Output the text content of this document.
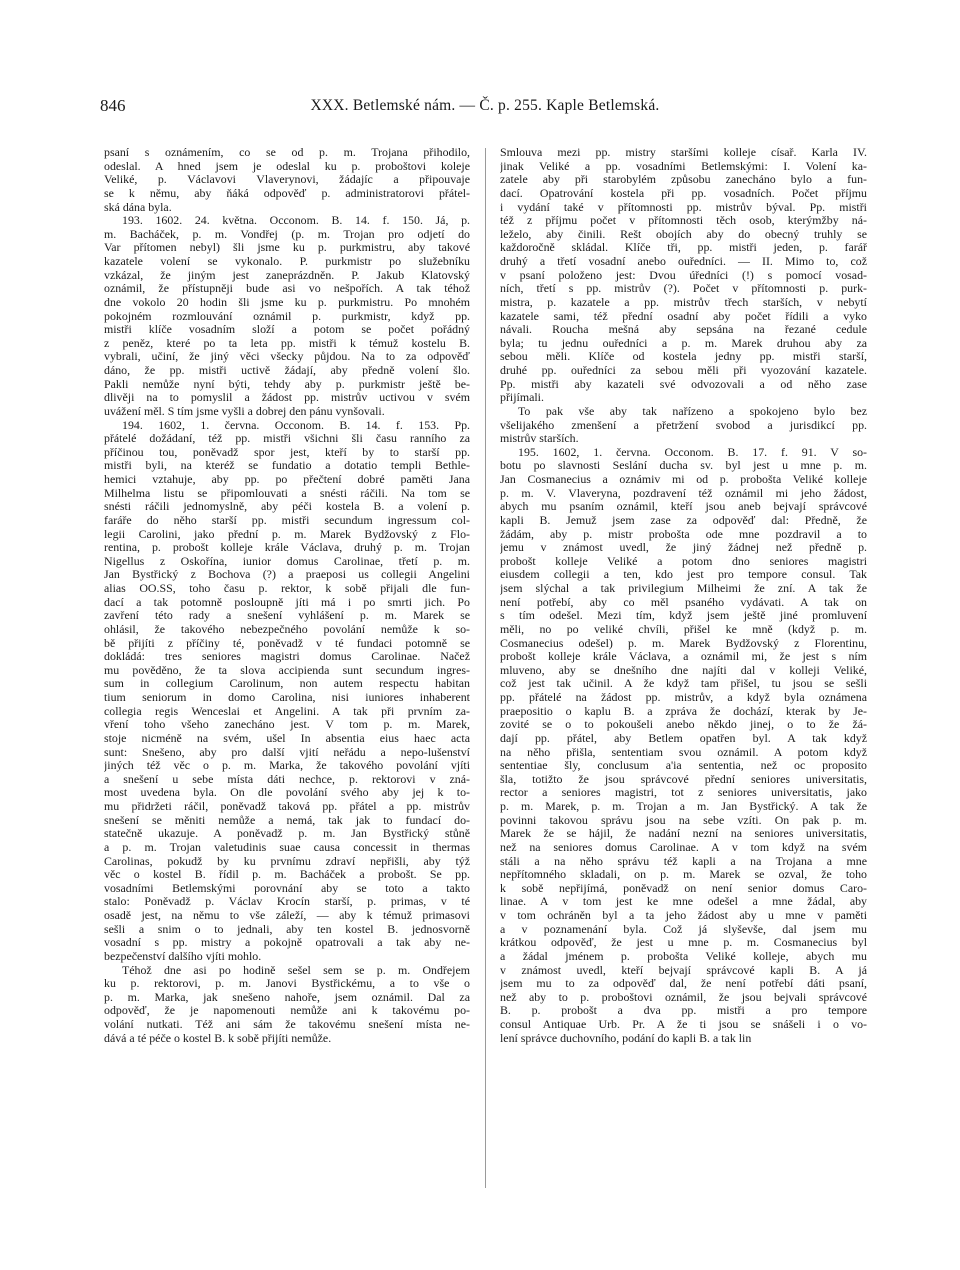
846	XXX. Betlemské nám. — Č. p. 255. Kaple Betlemská.

psaní s oznámením, co se od p. m. Trojana přihodilo,

odeslal. A hned jsem je odeslal ku p. proboštovi koleje

Veliké, p. Václavovi Vlaverynovi, žádajíc a připouvaje

se k němu, aby ňáká odpověď p. administratorovi přátel-

ská dána byla.

193. 1602. 24. května. Occonom. B. 14. f. 150. Já, p.

m. Bacháček, p. m. Vondřej (p. m. Trojan pro odjetí do

Var přítomen nebyl) šli jsme ku p. purkmistru, aby takové

kazatele volení se vykonalo. P. purkmistr po služebníku

vzkázal, že jiným jest zaneprázdněn. P. Jakub Klatovský

oznámil, že přístupněji bude asi vo nešpořích. A tak téhož

dne vokolo 20 hodin šli jsme ku p. purkmistru. Po mnohém

pokojném rozmlouvání oznámil p. purkmistr, když pp.

mistři klíče vosadním složí a potom se počet pořádný

z peněz, které po ta leta pp. mistři k témuž kostelu B.

vybrali, učiní, že jiný věci všecky půjdou. Na to za odpověď

dáno, že pp. mistři uctivě žádají, aby předně volení šlo.

Pakli nemůže nyní býti, tehdy aby p. purkmistr ještě be-

dlivěji na to pomyslil a žádost pp. mistrův uctivou v svém

uvážení měl. S tím jsme vyšli a dobrej den pánu vynšovali.

194. 1602, 1. června. Occonom. B. 14. f. 153. Pp.

přátelé dožádaní, též pp. mistři všichni šli času ranního za

příčinou tou, poněvadž spor jest, kteří by to starší pp.

mistři byli, na kteréž se fundatio a dotatio templi Bethle-

hemici vztahuje, aby pp. po přečtení dobré paměti Jana

Milhelma listu se připomlouvati a snésti ráčili. Na tom se

snésti ráčili jednomyslně, aby péči kostela B. a volení p.

faráře do něho starší pp. mistři secundum ingressum col-

legii Carolini, jako přední p. m. Marek Bydžovský z Flo-

rentina, p. probošt kolleje krále Václava, druhý p. m. Trojan

Nigellus z Oskořína, iunior domus Carolinae, třetí p. m.

Jan Bystřický z Bochova (?) a praeposi us collegii Angelini

alias OO.SS, toho času p. rektor, k sobě přijali dle fun-

dací a tak potomně posloupně jíti má i po smrti jich. Po

zavření této rady a snešení vyhlášení p. m. Marek se

ohlásil, že takového nebezpečného povolání nemůže k so-

bě přijíti z příčiny té, poněvadž v té fundaci potomně se

dokládá: tres seniores magistri domus Carolinae. Načež

mu pověděno, že ta slova accipienda sunt secundum ingres-

sum in collegium Carolinum, non autem respectu habitan

tium seniorum in domo Carolina, nisi iuniores inhaberent

collegia regis Wenceslai et Angelini. A tak při prvním za-

vření toho všeho zanecháno jest. V tom p. m. Marek,

stoje nicméně na svém, ušel In absentia eius haec acta

sunt: Snešeno, aby pro další vjití neřádu a nepo-lušenství

jiných též věc o p. m. Marka, že takového povolání vjíti

a snešení u sebe místa dáti nechce, p. rektorovi v zná-

most uvedena byla. On dle povolání svého aby jej k to-

mu přidržeti ráčil, poněvadž taková pp. přátel a pp. mistrův

snešení se měniti nemůže a nemá, tak jak to fundací do-

statečně ukazuje. A poněvadž p. m. Jan Bystřický stůně

a p. m. Trojan valetudinis suae causa concessit in thermas

Carolinas, pokudž by ku prvnímu zdraví nepřišli, aby týž

věc o kostel B. řídil p. m. Bacháček a probošt. Se pp.

vosadními Betlemskými porovnání aby se toto a takto

stalo: Poněvadž p. Václav Krocín starší, p. primas, v té

osadě jest, na němu to vše záleží, — aby k témuž primasovi

sešli a snim o to jednali, aby ten kostel B. jednosvorně

vosadní s pp. mistry a pokojně opatrovali a tak aby ne-

bezpečenství dalšího vjíti mohlo.

Téhož dne asi po hodině sešel sem se p. m. Ondřejem

ku p. rektorovi, p. m. Janovi Bystřickému, a to vše o

p. m. Marka, jak snešeno nahoře, jsem oznámil. Dal za

odpověď, že je napomenouti nemůže ani k takovému po-

volání nutkati. Též ani sám že takovému snešení místa ne-

dává a té péče o kostel B. k sobě přijíti nemůže.

Smlouva mezi pp. mistry staršími kolleje císař. Karla IV.

jinak Veliké a pp. vosadními Betlemskými: I. Volení ka-

zatele aby při starobylém způsobu zanecháno bylo a fun-

dací. Opatrování kostela při pp. vosadních. Počet příjmu

i vydání také v přítomnosti pp. mistrův býval. Pp. mistři

též z příjmu počet v přítomnosti těch osob, kterýmžby ná-

leželo, aby činili. Rešt obojích aby do obecný truhly se

každoročně skládal. Klíče tři, pp. mistři jeden, p. farář

druhý a třetí vosadní anebo ouředníci. — II. Mimo to, což

v psaní položeno jest: Dvou úředníci (!) s pomocí vosad-

ních, třetí s pp. mistrův (?). Počet v přítomnosti p. purk-

mistra, p. kazatele a pp. mistrův třech starších, v nebytí

kazatele sami, též přední osadní aby počet řídili a vyko

návali. Roucha mešná aby sepsána na řezané cedule

byla; tu jednu ouředníci a p. m. Marek druhou aby za

sebou měli. Klíče od kostela jedny pp. mistři starší,

druhé pp. ouředníci za sebou měli při vyozování kazatele.

Pp. mistři aby kazateli své odvozovali a od něho zase

přijímali.

To pak vše aby tak nařízeno a spokojeno bylo bez

všelijakého zmenšení a přetržení svobod a jurisdikcí pp.

mistrův starších.

195. 1602, 1. června. Occonom. B. 17. f. 91. V so-

botu po slavnosti Seslání ducha sv. byl jest u mne p. m.

Jan Cosmanecius a oznámiv mi od p. probošta Veliké kolleje

p. m. V. Vlaveryna, pozdravení též oznámil mi jeho žádost,

abych mu psaním oznámil, kteří jsou aneb bejvají správcové

kapli B. Jemuž jsem zase za odpověď dal: Předně, že

žádám, aby p. mistr probošta ode mne pozdravil a to

jemu v známost uvedl, že jiný žádnej než předně p.

probošt kolleje Veliké a potom dno seniores magistri

eiusdem collegii a ten, kdo jest pro tempore consul. Tak

jsem slýchal a tak privilegium Milheimi že zní. A tak že

není potřebí, aby co měl psaného vydávati. A tak on

s tím odešel. Mezi tím, když jsem ještě jiné promluvení

měli, no po veliké chvíli, přišel ke mně (když p. m.

Cosmanecius odešel) p. m. Marek Bydžovský z Florentinu,

probošt kolleje krále Václava, a oznámil mi, že jest s ním

mluveno, aby se dnešního dne najíti dal v kolleji Veliké,

což jest tak učinil. A že když tam přišel, tu jsou se sešli

pp. přátelé na žádost pp. mistrův, a když byla oznámena

praepositio o kaplu B. a zpráva že dochází, kterak by Je-

zovité se o to pokoušeli anebo někdo jinej, o to že žá-

dají pp. přátel, aby Betlem opatřen byl. A tak když

na něho přišla, sententiam svou oznámil. A potom když

sententiae šly, conclusum a'ia sententia, než oc proposito

šla, totižto že jsou správcové přední seniores universitatis,

rector a seniores magistri, tot z seniores universitatis, jako

p. m. Marek, p. m. Trojan a m. Jan Bystřický. A tak že

povinni takovou správu jsou na sebe vzíti. On pak p. m.

Marek že se hájil, že nadání nezní na seniores universitatis,

než na seniores domus Carolinae. A v tom když na svém

stáli a na něho správu též kapli a na Trojana a mne

nepřítomného skladali, on p. m. Marek se ozval, že toho

k sobě nepřijímá, poněvadž on není senior domus Caro-

linae. A v tom jest ke mne odešel a mne žádal, aby

v tom ochráněn byl a ta jeho žádost aby u mne v paměti

a v poznamenání byla. Což já slyševše, dal jsem mu

krátkou odpověď, že jest u mne p. m. Cosmanecius byl

a žádal jménem p. probošta Veliké kolleje, abych mu

v známost uvedl, kteří bejvají správcové kapli B. A já

jsem mu to za odpověď dal, že není potřebí dáti psaní,

než aby to p. proboštovi oznámil, že jsou bejvali správcové

B. p. probošt a dva pp. mistři a pro tempore

consul Antiquae Urb. Pr. A že ti jsou se snášeli i o vo-

lení správce duchovního, podání do kapli B. a tak lin
